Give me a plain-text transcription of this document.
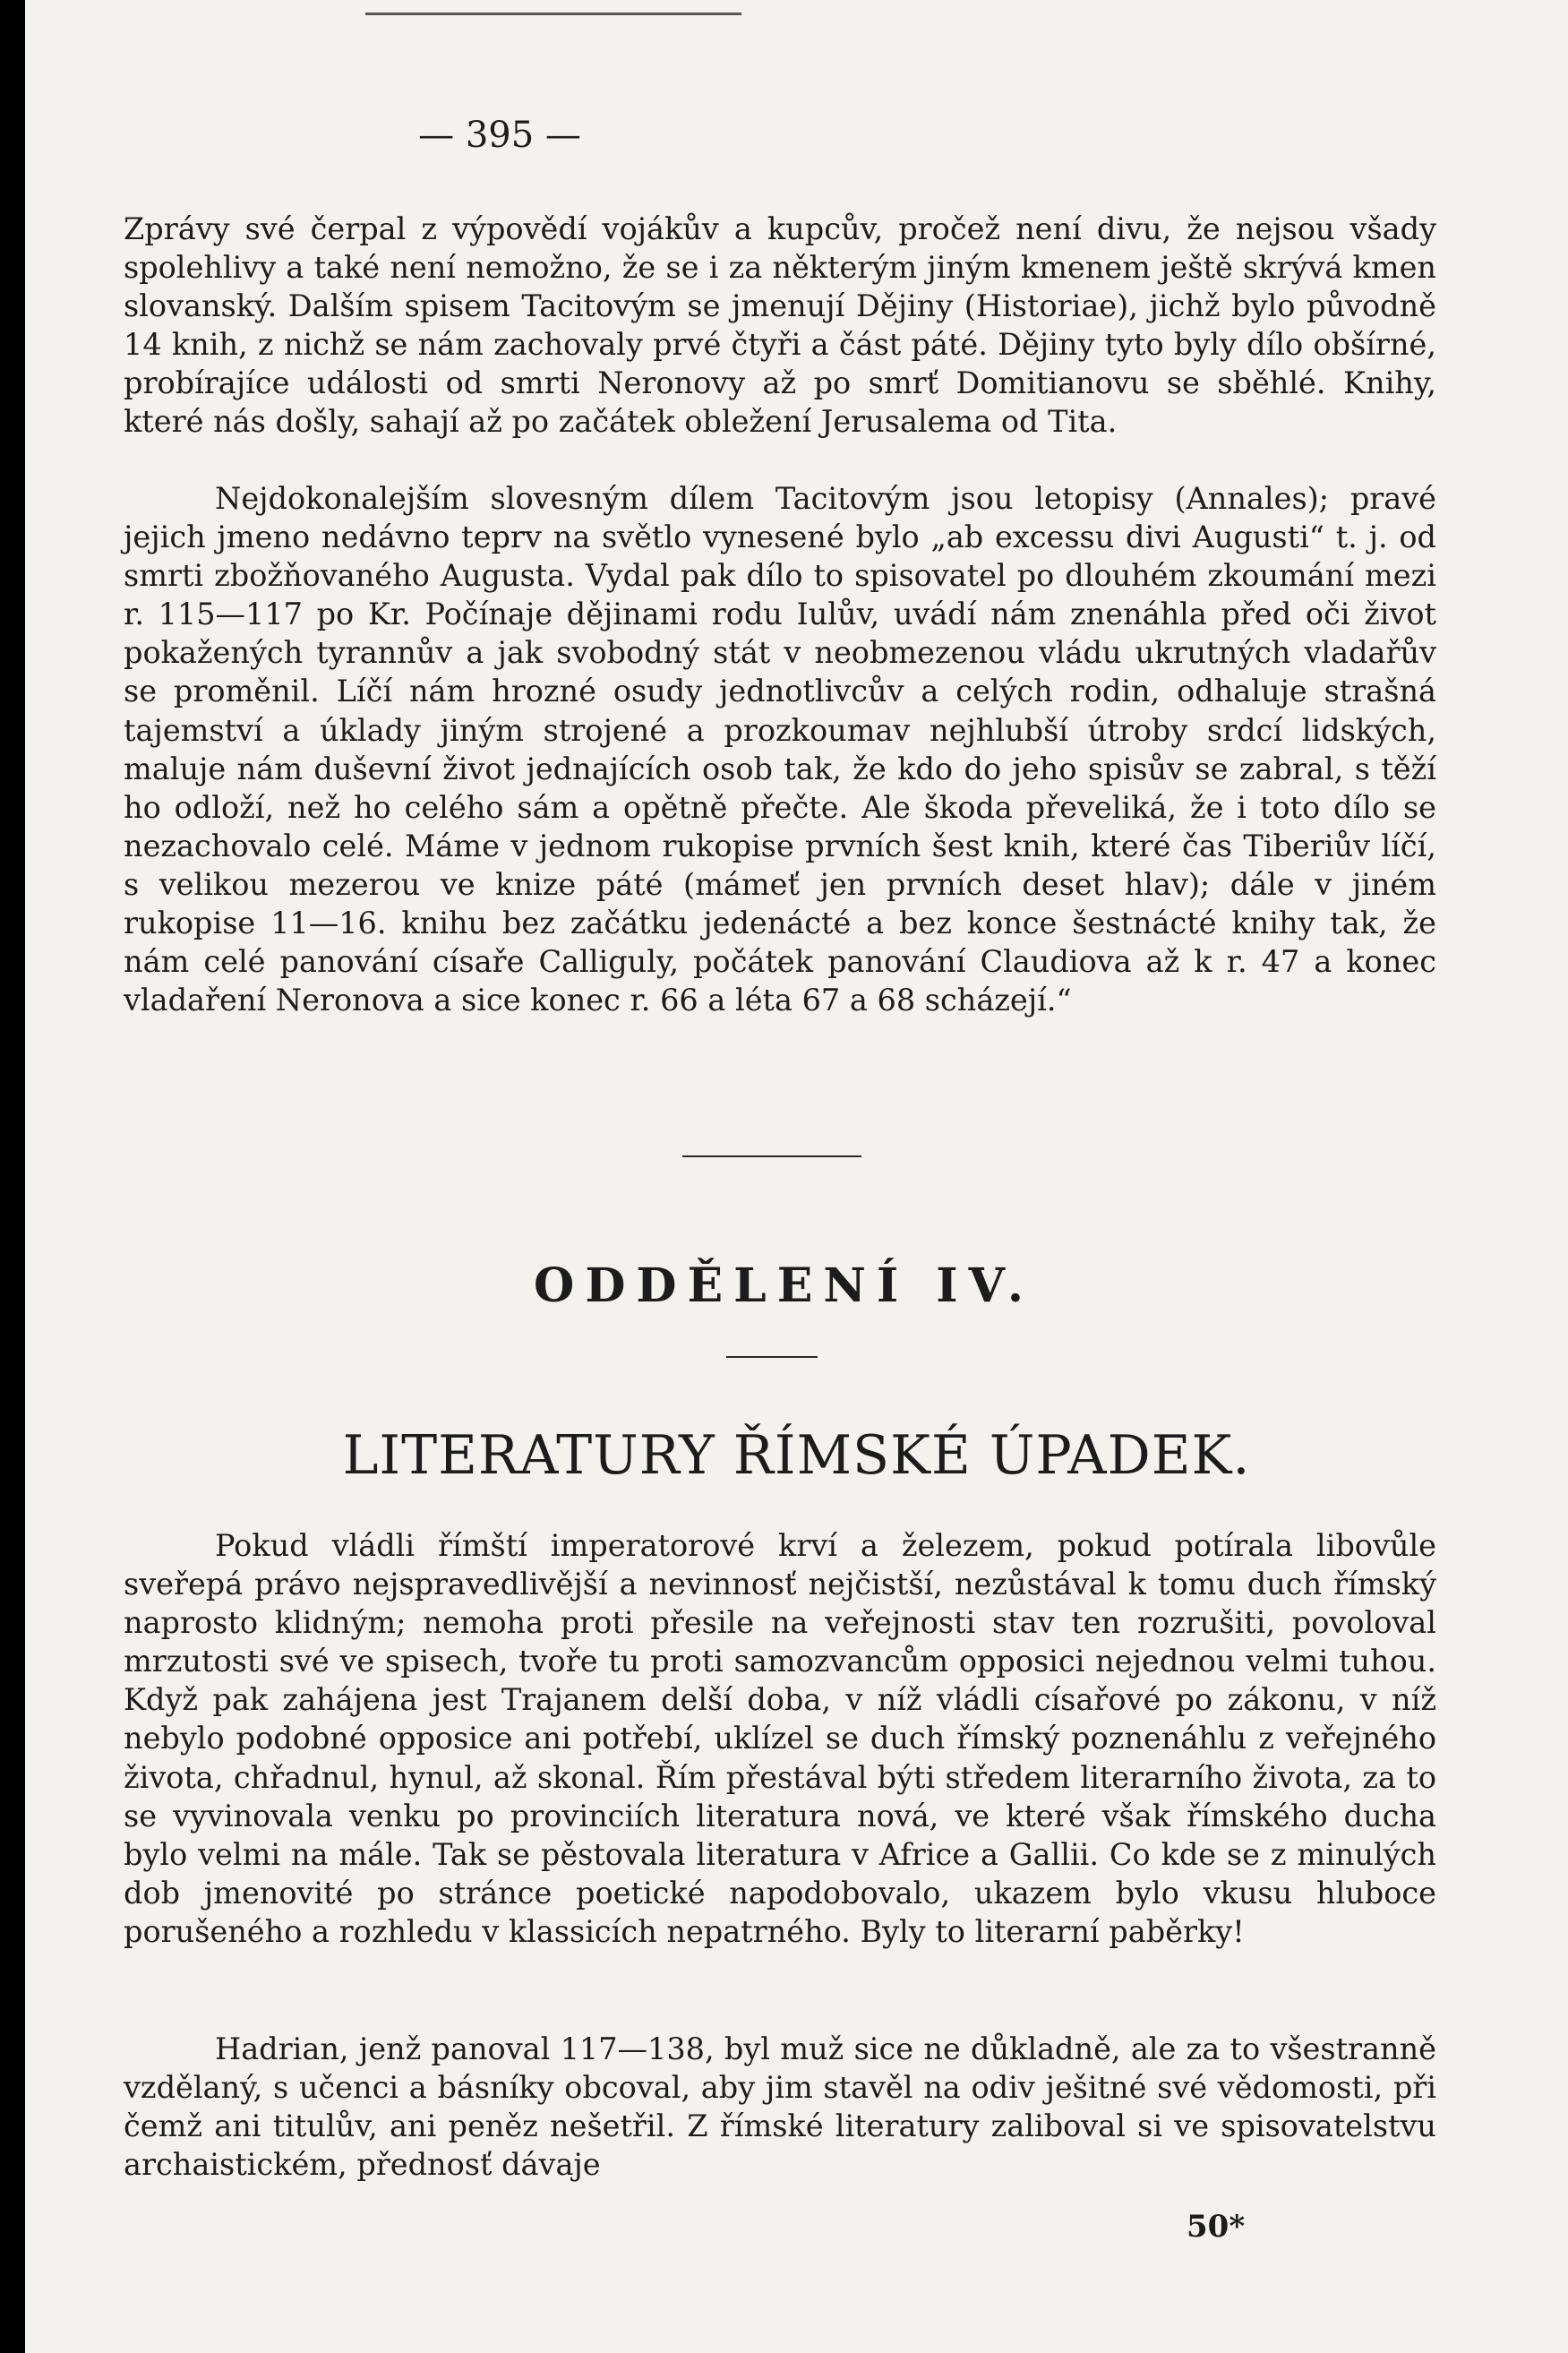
— 395 —

Zprávy své čerpal z výpovědí vojákův a kupcův, pročež není divu, že nejsou všady spolehlivy a také není nemožno, že se i za některým jiným kmenem ještě skrývá kmen slovanský. Dalším spisem Tacitovým se jmenují Dějiny (Historiae), jichž bylo původně 14 knih, z nichž se nám zachovaly prvé čtyři a část páté. Dějiny tyto byly dílo obšírné, probírajíce události od smrti Neronovy až po smrť Domitianovu se sběhlé. Knihy, které nás došly, sahají až po začátek obležení Jerusalema od Tita.

Nejdokonalejším slovesným dílem Tacitovým jsou letopisy (Annales); pravé jejich jmeno nedávno teprv na světlo vynesené bylo „ab excessu divi Augusti“ t. j. od smrti zbožňovaného Augusta. Vydal pak dílo to spisovatel po dlouhém zkoumání mezi r. 115—117 po Kr. Počínaje dějinami rodu Iulův, uvádí nám znenáhla před oči život pokažených tyrannův a jak svobodný stát v neobmezenou vládu ukrutných vladařův se proměnil. Líčí nám hrozné osudy jednotlivcův a celých rodin, odhaluje strašná tajemství a úklady jiným strojené a prozkoumav nejhlubší útroby srdcí lidských, maluje nám duševní život jednajících osob tak, že kdo do jeho spisův se zabral, s těží ho odloží, než ho celého sám a opětně přečte. Ale škoda převeliká, že i toto dílo se nezachovalo celé. Máme v jednom rukopise prvních šest knih, které čas Tiberiův líčí, s velikou mezerou ve knize páté (mámeť jen prvních deset hlav); dále v jiném rukopise 11—16. knihu bez začátku jedenácté a bez konce šestnácté knihy tak, že nám celé panování císaře Calliguly, počátek panování Claudiova až k r. 47 a konec vladaření Neronova a sice konec r. 66 a léta 67 a 68 scházejí.“

ODDĚLENÍ IV.
LITERATURY ŘÍMSKÉ ÚPADEK.

Pokud vládli římští imperatorové krví a železem, pokud potírala libovůle sveřepá právo nejspravedlivější a nevinnosť nejčistší, nezůstával k tomu duch římský naprosto klidným; nemoha proti přesile na veřejnosti stav ten rozrušiti, povoloval mrzutosti své ve spisech, tvoře tu proti samozvancům opposici nejednou velmi tuhou. Když pak zahájena jest Trajanem delší doba, v níž vládli císařové po zákonu, v níž nebylo podobné opposice ani potřebí, uklízel se duch římský poznenáhlu z veřejného života, chřadnul, hynul, až skonal. Řím přestával býti středem literarního života, za to se vyvinovala venku po provinciích literatura nová, ve které však římského ducha bylo velmi na mále. Tak se pěstovala literatura v Africe a Gallii. Co kde se z minulých dob jmenovité po stránce poetické napodobovalo, ukazem bylo vkusu hluboce porušeného a rozhledu v klassicích nepatrného. Byly to literarní paběrky!

Hadrian, jenž panoval 117—138, byl muž sice ne důkladně, ale za to všestranně vzdělaný, s učenci a básníky obcoval, aby jim stavěl na odiv ješitné své vědomosti, při čemž ani titulův, ani peněz nešetřil. Z římské literatury zaliboval si ve spisovatelstvu archaistickém, přednosť dávaje

50*
